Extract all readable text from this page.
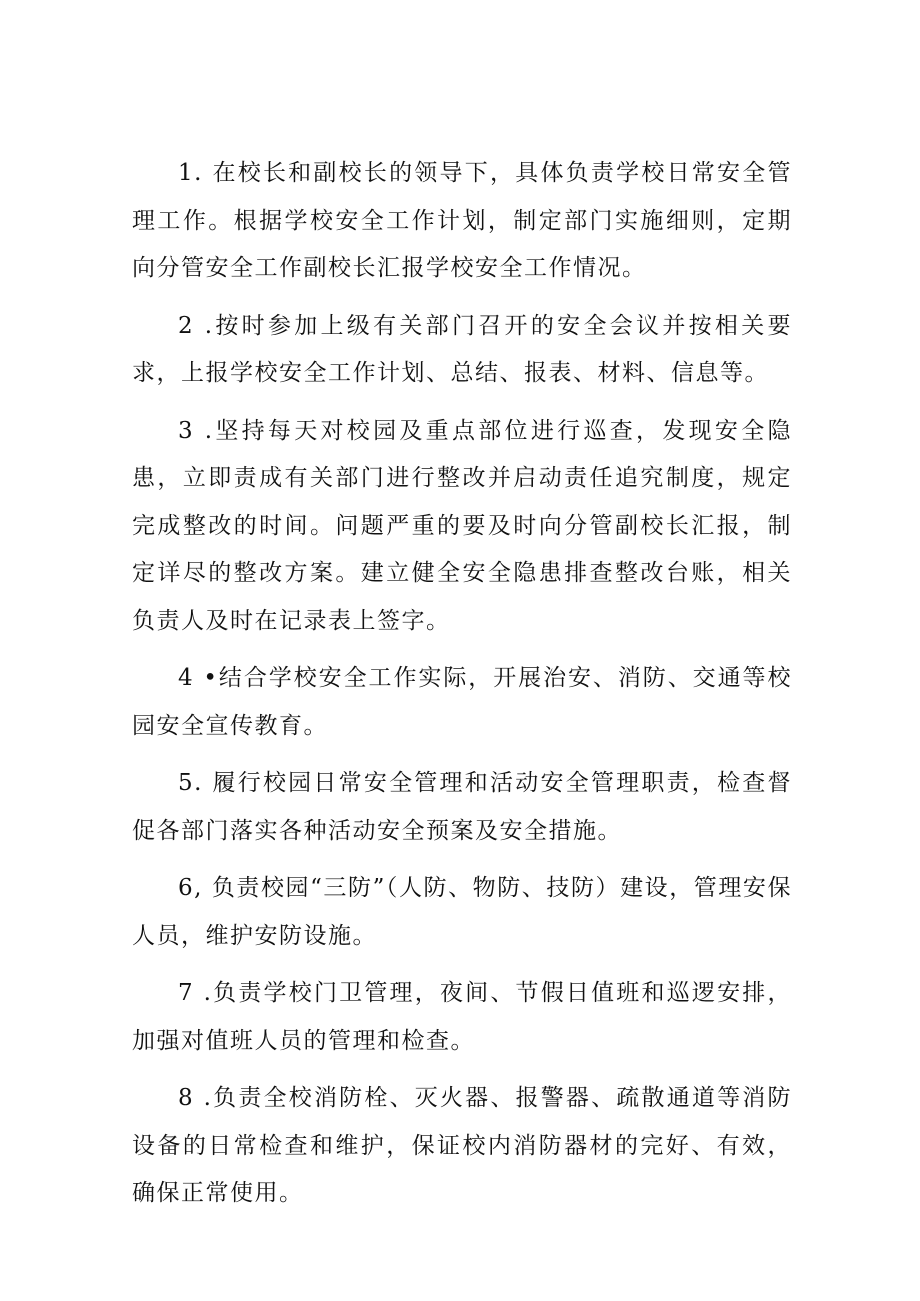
1. 在校长和副校长的领导下，具体负责学校日常安全管理工作。根据学校安全工作计划，制定部门实施细则，定期向分管安全工作副校长汇报学校安全工作情况。

2 .按时参加上级有关部门召开的安全会议并按相关要求，上报学校安全工作计划、总结、报表、材料、信息等。

3 .坚持每天对校园及重点部位进行巡查，发现安全隐患，立即责成有关部门进行整改并启动责任追究制度，规定完成整改的时间。问题严重的要及时向分管副校长汇报，制定详尽的整改方案。建立健全安全隐患排查整改台账，相关负责人及时在记录表上签字。

4 •结合学校安全工作实际，开展治安、消防、交通等校园安全宣传教育。

5. 履行校园日常安全管理和活动安全管理职责，检查督促各部门落实各种活动安全预案及安全措施。

6, 负责校园“三防”（人防、物防、技防）建设，管理安保人员，维护安防设施。

7 .负责学校门卫管理，夜间、节假日值班和巡逻安排，加强对值班人员的管理和检查。

8 .负责全校消防栓、灭火器、报警器、疏散通道等消防设备的日常检查和维护，保证校内消防器材的完好、有效，确保正常使用。
